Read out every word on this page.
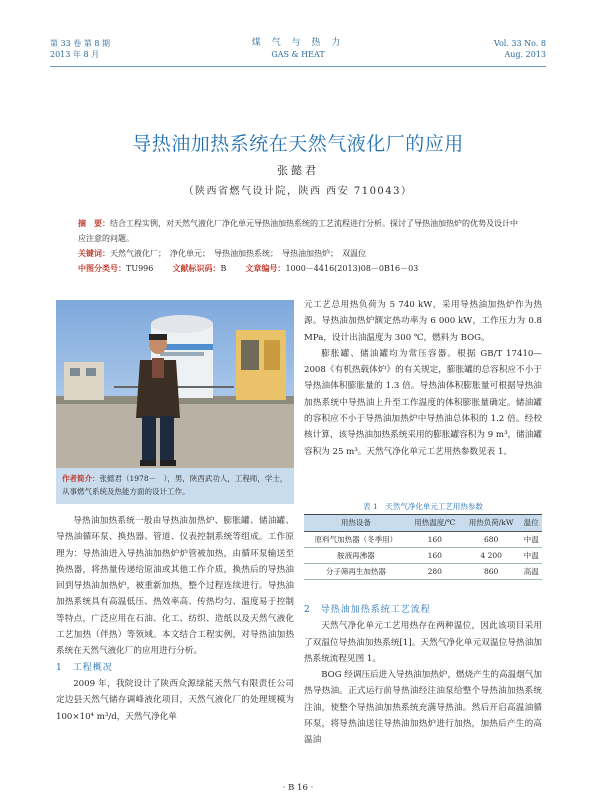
第 33 卷 第 8 期
2013 年 8 月
煤 气 与 热 力
GAS & HEAT
Vol. 33 No. 8
Aug. 2013
导热油加热系统在天然气液化厂的应用
张懿君
（陕西省燃气设计院，陕西 西安 710043）
摘　要：结合工程实例，对天然气液化厂净化单元导热油加热系统的工艺流程进行分析。探讨了导热油加热炉的优势及设计中应注意的问题。
关键词：天然气液化厂；　净化单元；　导热油加热系统；　导热油加热炉；　双温位
中图分类号：TU996 文献标识码：B 文章编号：1000－4416(2013)08－0B16－03
作者简介：张懿君（1978－　），男，陕西武功人，工程师，学士，从事燃气系统及热能方面的设计工作。

导热油加热系统一般由导热油加热炉、膨胀罐、储油罐、导热油循环泵、换热器、管道、仪表控制系统等组成。工作原理为：导热油进入导热油加热炉炉管被加热，由循环泵输送至换热器，将热量传递给原油或其他工作介质，换热后的导热油回到导热油加热炉，被重新加热，整个过程连续进行。导热油加热系统具有高温低压、热效率高、传热均匀、温度易于控制等特点，广泛应用在石油、化工、纺织、造纸以及天然气液化工艺加热（伴热）等领域。本文结合工程实例，对导热油加热系统在天然气液化厂的应用进行分析。

1　工程概况

2009 年，我院设计了陕西众源绿能天然气有限责任公司定边县天然气储存调峰液化项目，天然气液化厂的处理规模为 100×10⁴ m³/d，天然气净化单

元工艺总用热负荷为 5 740 kW，采用导热油加热炉作为热源。导热油加热炉额定热功率为 6 000 kW，工作压力为 0.8 MPa，设计出油温度为 300 ℃，燃料为 BOG。

膨胀罐、储油罐均为常压容器。根据 GB/T 17410—2008《有机热载体炉》的有关规定，膨胀罐的总容积应不小于导热油体积膨胀量的 1.3 倍。导热油体积膨胀量可根据导热油加热系统中导热油上升至工作温度的体积膨胀量确定。储油罐的容积应不小于导热油加热炉中导热油总体积的 1.2 倍。经校核计算，该导热油加热系统采用的膨胀罐容积为 9 m³，储油罐容积为 25 m³。天然气净化单元工艺用热参数见表 1。

表 1　天然气净化单元工艺用热参数
用热设备	用热温度/℃	用热负荷/kW	温位
原料气加热器（冬季用）	160	680	中温
胺液再沸器	160	4 200	中温
分子筛再生加热器	280	860	高温
2　导热油加热系统工艺流程

天然气净化单元工艺用热存在两种温位，因此该项目采用了双温位导热油加热系统[1]。天然气净化单元双温位导热油加热系统流程见图 1。

BOG 经调压后进入导热油加热炉，燃烧产生的高温烟气加热导热油。正式运行前导热油经注油泵给整个导热油加热系统注油，使整个导热油加热系统充满导热油。然后开启高温油循环泵，将导热油送往导热油加热炉进行加热，加热后产生的高温油

· B 16 ·
